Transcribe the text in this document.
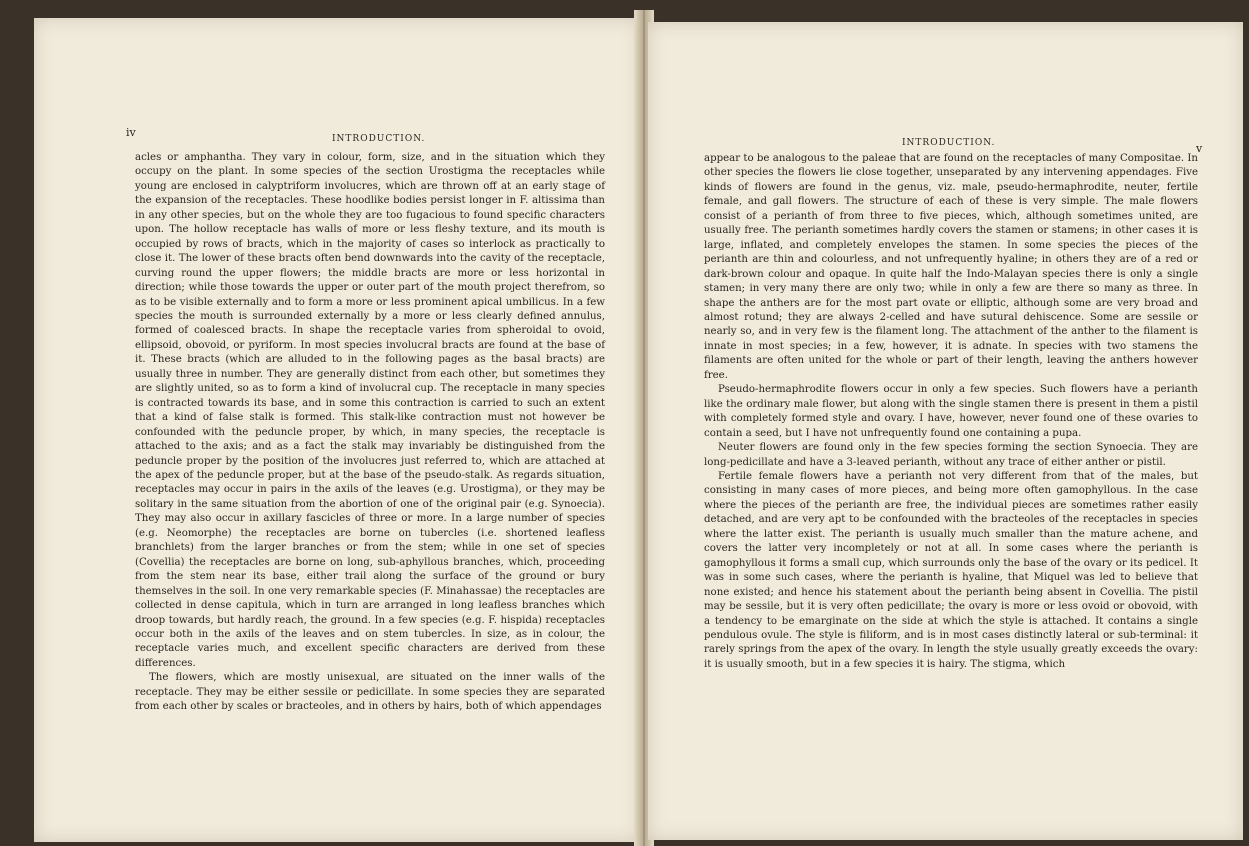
iv	INTRODUCTION.

acles or amphantha. They vary in colour, form, size, and in the situation which they occupy on the plant. In some species of the section Urostigma the receptacles while young are enclosed in calyptriform involucres, which are thrown off at an early stage of the expansion of the receptacles. These hoodlike bodies persist longer in F. altissima than in any other species, but on the whole they are too fugacious to found specific characters upon. The hollow receptacle has walls of more or less fleshy texture, and its mouth is occupied by rows of bracts, which in the majority of cases so interlock as practically to close it. The lower of these bracts often bend downwards into the cavity of the receptacle, curving round the upper flowers; the middle bracts are more or less horizontal in direction; while those towards the upper or outer part of the mouth project therefrom, so as to be visible externally and to form a more or less prominent apical umbilicus. In a few species the mouth is surrounded externally by a more or less clearly defined annulus, formed of coalesced bracts. In shape the receptacle varies from spheroidal to ovoid, ellipsoid, obovoid, or pyriform. In most species involucral bracts are found at the base of it. These bracts (which are alluded to in the following pages as the basal bracts) are usually three in number. They are generally distinct from each other, but sometimes they are slightly united, so as to form a kind of involucral cup. The receptacle in many species is contracted towards its base, and in some this contraction is carried to such an extent that a kind of false stalk is formed. This stalk-like contraction must not however be confounded with the peduncle proper, by which, in many species, the receptacle is attached to the axis; and as a fact the stalk may invariably be distinguished from the peduncle proper by the position of the involucres just referred to, which are attached at the apex of the peduncle proper, but at the base of the pseudo-stalk. As regards situation, receptacles may occur in pairs in the axils of the leaves (e.g. Urostigma), or they may be solitary in the same situation from the abortion of one of the original pair (e.g. Synoecia). They may also occur in axillary fascicles of three or more. In a large number of species (e.g. Neomorphe) the receptacles are borne on tubercles (i.e. shortened leafless branchlets) from the larger branches or from the stem; while in one set of species (Covellia) the receptacles are borne on long, sub-aphyllous branches, which, proceeding from the stem near its base, either trail along the surface of the ground or bury themselves in the soil. In one very remarkable species (F. Minahassae) the receptacles are collected in dense capitula, which in turn are arranged in long leafless branches which droop towards, but hardly reach, the ground. In a few species (e.g. F. hispida) receptacles occur both in the axils of the leaves and on stem tubercles. In size, as in colour, the receptacle varies much, and excellent specific characters are derived from these differences.

The flowers, which are mostly unisexual, are situated on the inner walls of the receptacle. They may be either sessile or pedicillate. In some species they are separated from each other by scales or bracteoles, and in others by hairs, both of which appendages

INTRODUCTION.	v

appear to be analogous to the paleae that are found on the receptacles of many Compositae. In other species the flowers lie close together, unseparated by any intervening appendages. Five kinds of flowers are found in the genus, viz. male, pseudo-hermaphrodite, neuter, fertile female, and gall flowers. The structure of each of these is very simple. The male flowers consist of a perianth of from three to five pieces, which, although sometimes united, are usually free. The perianth sometimes hardly covers the stamen or stamens; in other cases it is large, inflated, and completely envelopes the stamen. In some species the pieces of the perianth are thin and colourless, and not unfrequently hyaline; in others they are of a red or dark-brown colour and opaque. In quite half the Indo-Malayan species there is only a single stamen; in very many there are only two; while in only a few are there so many as three. In shape the anthers are for the most part ovate or elliptic, although some are very broad and almost rotund; they are always 2-celled and have sutural dehiscence. Some are sessile or nearly so, and in very few is the filament long. The attachment of the anther to the filament is innate in most species; in a few, however, it is adnate. In species with two stamens the filaments are often united for the whole or part of their length, leaving the anthers however free.

Pseudo-hermaphrodite flowers occur in only a few species. Such flowers have a perianth like the ordinary male flower, but along with the single stamen there is present in them a pistil with completely formed style and ovary. I have, however, never found one of these ovaries to contain a seed, but I have not unfrequently found one containing a pupa.

Neuter flowers are found only in the few species forming the section Synoecia. They are long-pedicillate and have a 3-leaved perianth, without any trace of either anther or pistil.

Fertile female flowers have a perianth not very different from that of the males, but consisting in many cases of more pieces, and being more often gamophyllous. In the case where the pieces of the perianth are free, the individual pieces are sometimes rather easily detached, and are very apt to be confounded with the bracteoles of the receptacles in species where the latter exist. The perianth is usually much smaller than the mature achene, and covers the latter very incompletely or not at all. In some cases where the perianth is gamophyllous it forms a small cup, which surrounds only the base of the ovary or its pedicel. It was in some such cases, where the perianth is hyaline, that Miquel was led to believe that none existed; and hence his statement about the perianth being absent in Covellia. The pistil may be sessile, but it is very often pedicillate; the ovary is more or less ovoid or obovoid, with a tendency to be emarginate on the side at which the style is attached. It contains a single pendulous ovule. The style is filiform, and is in most cases distinctly lateral or sub-terminal: it rarely springs from the apex of the ovary. In length the style usually greatly exceeds the ovary: it is usually smooth, but in a few species it is hairy. The stigma, which
